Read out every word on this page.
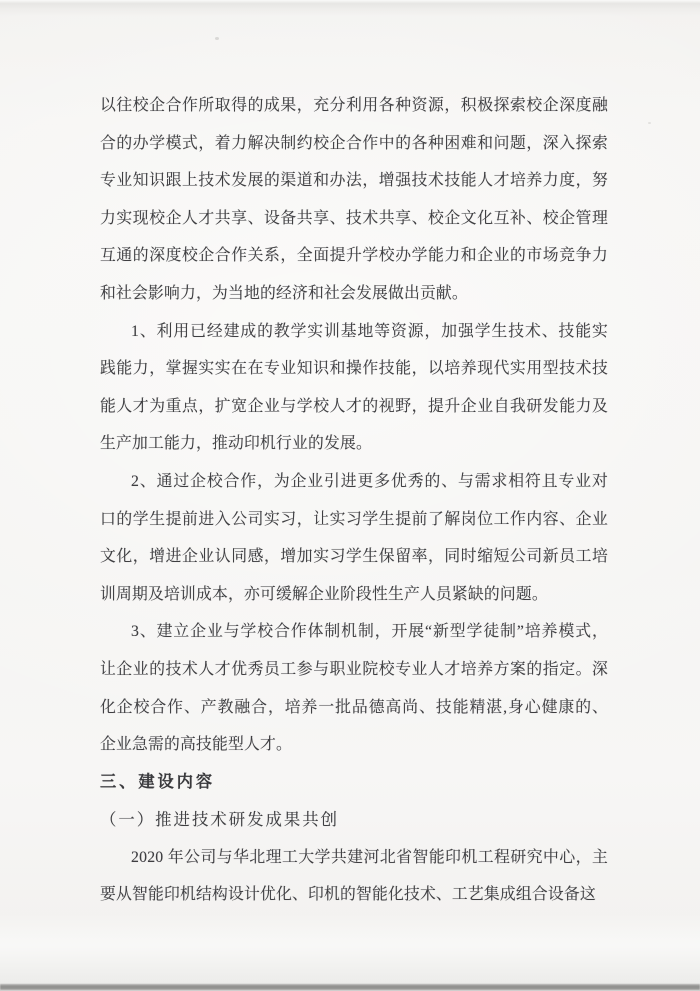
以往校企合作所取得的成果，充分利用各种资源，积极探索校企深度融
合的办学模式，着力解决制约校企合作中的各种困难和问题，深入探索
专业知识跟上技术发展的渠道和办法，增强技术技能人才培养力度，努
力实现校企人才共享、设备共享、技术共享、校企文化互补、校企管理
互通的深度校企合作关系，全面提升学校办学能力和企业的市场竞争力
和社会影响力，为当地的经济和社会发展做出贡献。
1、利用已经建成的教学实训基地等资源，加强学生技术、技能实
践能力，掌握实实在在专业知识和操作技能，以培养现代实用型技术技
能人才为重点，扩宽企业与学校人才的视野，提升企业自我研发能力及
生产加工能力，推动印机行业的发展。
2、通过企校合作，为企业引进更多优秀的、与需求相符且专业对
口的学生提前进入公司实习，让实习学生提前了解岗位工作内容、企业
文化，增进企业认同感，增加实习学生保留率，同时缩短公司新员工培
训周期及培训成本，亦可缓解企业阶段性生产人员紧缺的问题。
3、建立企业与学校合作体制机制，开展“新型学徒制”培养模式，
让企业的技术人才优秀员工参与职业院校专业人才培养方案的指定。深
化企校合作、产教融合，培养一批品德高尚、技能精湛,身心健康的、
企业急需的高技能型人才。
三、建设内容
（一）推进技术研发成果共创
2020 年公司与华北理工大学共建河北省智能印机工程研究中心，主
要从智能印机结构设计优化、印机的智能化技术、工艺集成组合设备这
